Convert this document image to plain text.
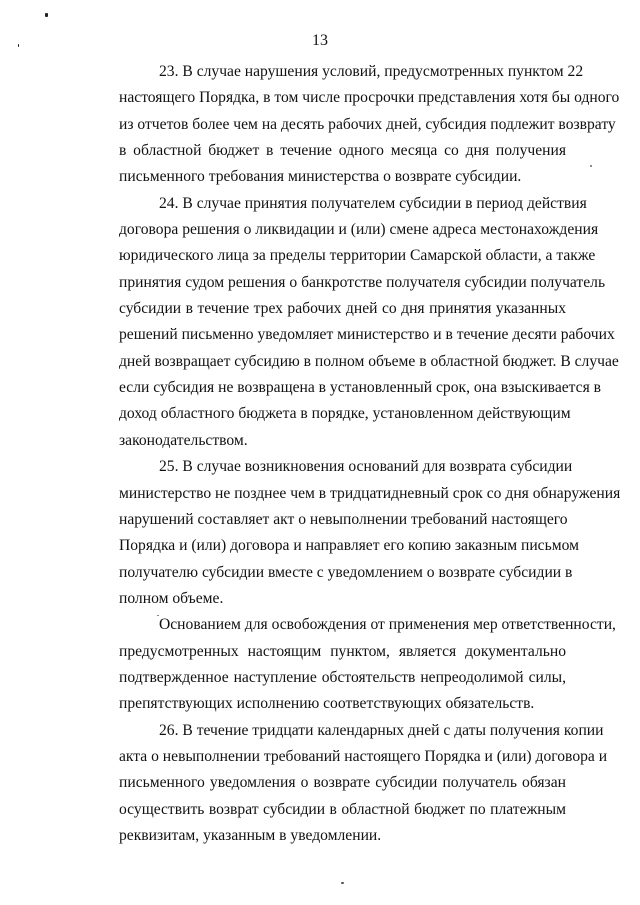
13
23. В случае нарушения условий, предусмотренных пунктом 22
настоящего Порядка, в том числе просрочки представления хотя бы одного
из отчетов более чем на десять рабочих дней, субсидия подлежит возврату
в областной бюджет в течение одного месяца со дня получения
письменного требования министерства о возврате субсидии.
24. В случае принятия получателем субсидии в период действия
договора решения о ликвидации и (или) смене адреса местонахождения
юридического лица за пределы территории Самарской области, а также
принятия судом решения о банкротстве получателя субсидии получатель
субсидии в течение трех рабочих дней со дня принятия указанных
решений письменно уведомляет министерство и в течение десяти рабочих
дней возвращает субсидию в полном объеме в областной бюджет. В случае
если субсидия не возвращена в установленный срок, она взыскивается в
доход областного бюджета в порядке, установленном действующим
законодательством.
25. В случае возникновения оснований для возврата субсидии
министерство не позднее чем в тридцатидневный срок со дня обнаружения
нарушений составляет акт о невыполнении требований настоящего
Порядка и (или) договора и направляет его копию заказным письмом
получателю субсидии вместе с уведомлением о возврате субсидии в
полном объеме.
Основанием для освобождения от применения мер ответственности,
предусмотренных настоящим пунктом, является документально
подтвержденное наступление обстоятельств непреодолимой силы,
препятствующих исполнению соответствующих обязательств.
26. В течение тридцати календарных дней с даты получения копии
акта о невыполнении требований настоящего Порядка и (или) договора и
письменного уведомления о возврате субсидии получатель обязан
осуществить возврат субсидии в областной бюджет по платежным
реквизитам, указанным в уведомлении.
